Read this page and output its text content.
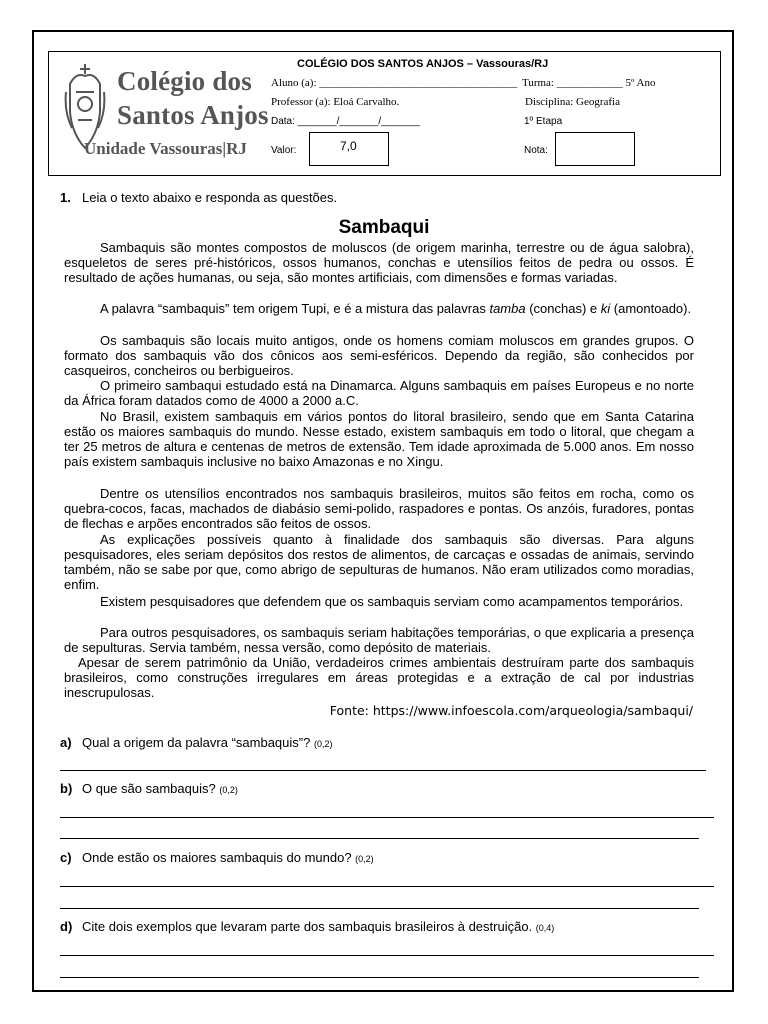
Colégio dos
Santos Anjos
Unidade Vassouras|RJ
COLÉGIO DOS SANTOS ANJOS – Vassouras/RJ
Aluno (a): ____________________________________ Turma: ____________ 5º Ano
Professor (a): Eloá Carvalho.	Disciplina: Geografia
Data: _______/_______/_______	1º Etapa
Valor:	7,0	Nota:
1. Leia o texto abaixo e responda as questões.
Sambaqui
Sambaquis são montes compostos de moluscos (de origem marinha, terrestre ou de água salobra), esqueletos de seres pré-históricos, ossos humanos, conchas e utensílios feitos de pedra ou ossos. É resultado de ações humanas, ou seja, são montes artificiais, com dimensões e formas variadas.
A palavra “sambaquis” tem origem Tupi, e é a mistura das palavras tamba (conchas) e ki (amontoado).
Os sambaquis são locais muito antigos, onde os homens comiam moluscos em grandes grupos. O formato dos sambaquis vão dos cônicos aos semi-esféricos. Dependo da região, são conhecidos por casqueiros, concheiros ou berbigueiros.
O primeiro sambaqui estudado está na Dinamarca. Alguns sambaquis em países Europeus e no norte da África foram datados como de 4000 a 2000 a.C.
No Brasil, existem sambaquis em vários pontos do litoral brasileiro, sendo que em Santa Catarina estão os maiores sambaquis do mundo. Nesse estado, existem sambaquis em todo o litoral, que chegam a ter 25 metros de altura e centenas de metros de extensão. Tem idade aproximada de 5.000 anos. Em nosso país existem sambaquis inclusive no baixo Amazonas e no Xingu.
Dentre os utensílios encontrados nos sambaquis brasileiros, muitos são feitos em rocha, como os quebra-cocos, facas, machados de diabásio semi-polido, raspadores e pontas. Os anzóis, furadores, pontas de flechas e arpões encontrados são feitos de ossos.
As explicações possíveis quanto à finalidade dos sambaquis são diversas. Para alguns pesquisadores, eles seriam depósitos dos restos de alimentos, de carcaças e ossadas de animais, servindo também, não se sabe por que, como abrigo de sepulturas de humanos. Não eram utilizados como moradias, enfim.
Existem pesquisadores que defendem que os sambaquis serviam como acampamentos temporários.
Para outros pesquisadores, os sambaquis seriam habitações temporárias, o que explicaria a presença de sepulturas. Servia também, nessa versão, como depósito de materiais.
Apesar de serem patrimônio da União, verdadeiros crimes ambientais destruíram parte dos sambaquis brasileiros, como construções irregulares em áreas protegidas e a extração de cal por industrias inescrupulosas.
Fonte: https://www.infoescola.com/arqueologia/sambaqui/
a) Qual a origem da palavra “sambaquis”? (0,2)
b) O que são sambaquis? (0,2)
c) Onde estão os maiores sambaquis do mundo? (0,2)
d) Cite dois exemplos que levaram parte dos sambaquis brasileiros à destruição. (0,4)
